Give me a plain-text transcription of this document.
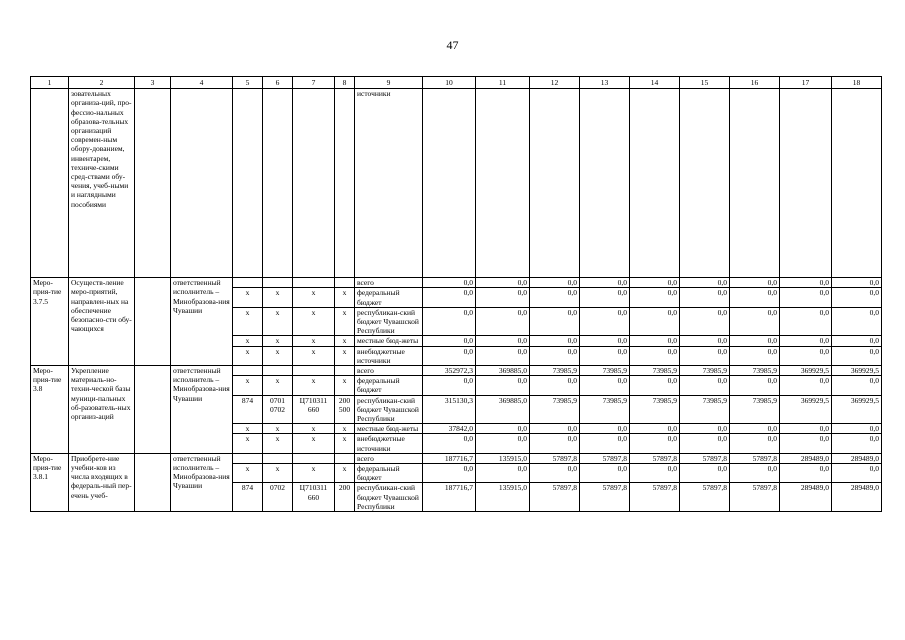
47
1	2	3	4	5	6	7	8	9	10	11	12	13	14	15	16	17	18
	зовательных организа-ций, про-фессио-нальных образова-тельных организаций современ-ным обору-дованием, инвентарем, техниче-скими сред-ствами обу-чения, учеб-ными и наглядными пособиями							источники									
Меро-прия-тие 3.7.5	Осуществ-ление меро-приятий, направлен-ных на обеспечение безопасно-сти обу-чающихся		ответственный исполнитель – Минобразова-ния Чувашии					всего	0,0	0,0	0,0	0,0	0,0	0,0	0,0	0,0	0,0
				x	x	x	x	федеральный бюджет	0,0	0,0	0,0	0,0	0,0	0,0	0,0	0,0	0,0
				x	x	x	x	республикан-ский бюджет Чувашской Республики	0,0	0,0	0,0	0,0	0,0	0,0	0,0	0,0	0,0
				x	x	x	x	местные бюд-жеты	0,0	0,0	0,0	0,0	0,0	0,0	0,0	0,0	0,0
				x	x	x	x	внебюджетные источники	0,0	0,0	0,0	0,0	0,0	0,0	0,0	0,0	0,0
Меро-прия-тие 3.8	Укрепление материаль-но-техни-ческой базы муници-пальных об-разователь-ных организ-аций		ответственный исполнитель – Минобразова-ния Чувашии					всего	352972,3	369885,0	73985,9	73985,9	73985,9	73985,9	73985,9	369929,5	369929,5
				x	x	x	x	федеральный бюджет	0,0	0,0	0,0	0,0	0,0	0,0	0,0	0,0	0,0
				874	0701 0702	Ц710311 660	200 500	республикан-ский бюджет Чувашской Республики	315130,3	369885,0	73985,9	73985,9	73985,9	73985,9	73985,9	369929,5	369929,5
				x	x	x	x	местные бюд-жеты	37842,0	0,0	0,0	0,0	0,0	0,0	0,0	0,0	0,0
				x	x	x	x	внебюджетные источники	0,0	0,0	0,0	0,0	0,0	0,0	0,0	0,0	0,0
Меро-прия-тие 3.8.1	Приобрете-ние учебни-ков из числа входящих в федераль-ный пер-ечень учеб-		ответственный исполнитель – Минобразова-ния Чувашии					всего	187716,7	135915,0	57897,8	57897,8	57897,8	57897,8	57897,8	289489,0	289489,0
				x	x	x	x	федеральный бюджет	0,0	0,0	0,0	0,0	0,0	0,0	0,0	0,0	0,0
				874	0702	Ц710311 660	200	республикан-ский бюджет Чувашской Республики	187716,7	135915,0	57897,8	57897,8	57897,8	57897,8	57897,8	289489,0	289489,0
